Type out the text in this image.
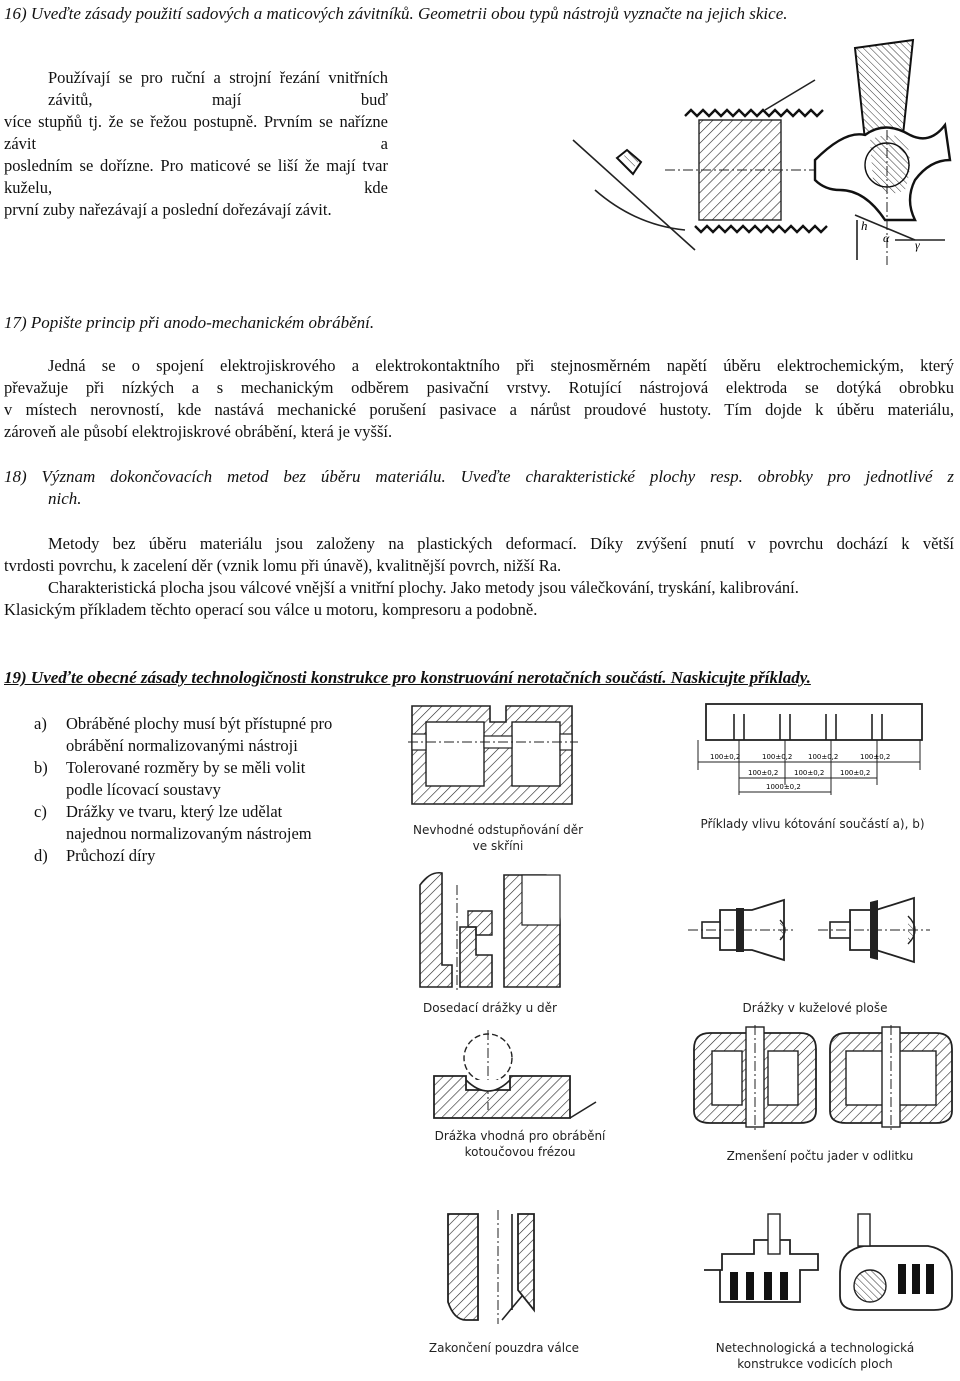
16) Uveďte zásady použití sadových a maticových závitníků. Geometrii obou typů nástrojů vyznačte na jejich skice.
Používají se pro ruční a strojní řezání vnitřních závitů, mají buď
více stupňů tj. že se řežou postupně. Prvním se nařízne závit a
posledním se dořízne. Pro maticové se liší že mají tvar kuželu, kde
první zuby nařezávají a poslední dořezávají závit.
h
α γ
17) Popište princip při anodo-mechanickém obrábění.
Jedná se o spojení elektrojiskrového a elektrokontaktního při stejnosměrném napětí úběru elektrochemickým, který
převažuje při nízkých a s mechanickým odběrem pasivační vrstvy. Rotující nástrojová elektroda se dotýká obrobku
v místech nerovností, kde nastává mechanické porušení pasivace a nárůst proudové hustoty. Tím dojde k úběru materiálu,
zároveň ale působí elektrojiskrové obrábění, která je vyšší.
18) Význam dokončovacích metod bez úběru materiálu. Uveďte charakteristické plochy resp. obrobky pro jednotlivé z
nich.
Metody bez úběru materiálu jsou založeny na plastických deformací. Díky zvýšení pnutí v povrchu dochází k větší
tvrdosti povrchu, k zacelení děr (vznik lomu při únavě), kvalitnější povrch, nižší Ra.
Charakteristická plocha jsou válcové vnější a vnitřní plochy. Jako metody jsou válečkování, tryskání, kalibrování.
Klasickým příkladem těchto operací sou válce u motoru, kompresoru a podobně.
19) Uveďte obecné zásady technologičnosti konstrukce pro konstruování nerotačních součástí. Naskicujte příklady.
a)	Obráběné plochy musí být přístupné pro
obrábění normalizovanými nástroji
b)	Tolerované rozměry by se měli volit
podle lícovací soustavy
c)	Drážky ve tvaru, který lze udělat
najednou normalizovaným nástrojem
d)	Průchozí díry
Nevhodné odstupňování děr
ve skříni
100±0,2	100±0,2 100±0,2	100±0,2
100±0,2 100±0,2 100±0,2
1000±0,2
Příklady vlivu kótování součástí a), b)
Dosedací drážky u děr	Drážky v kuželové ploše
Drážka vhodná pro obrábění
kotoučovou frézou	Zmenšení počtu jader v odlitku
Zakončení pouzdra válce	Netechnologická a technologická
konstrukce vodicích ploch
